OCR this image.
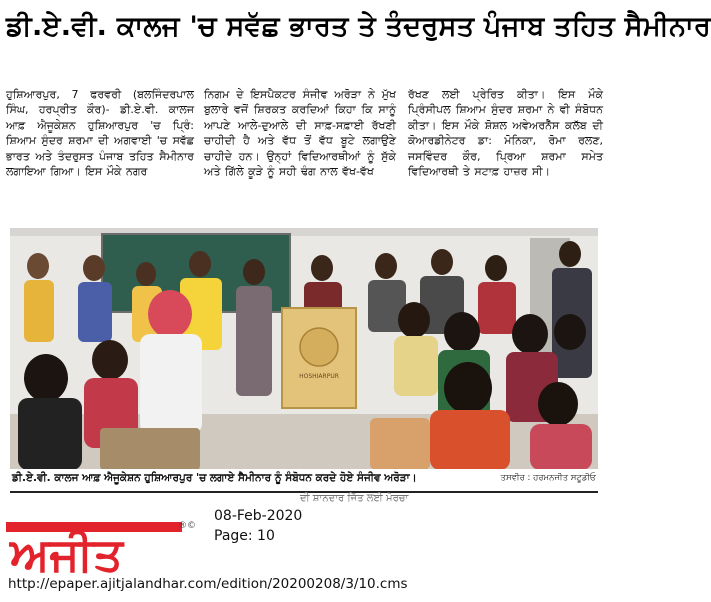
ਡੀ.ਏ.ਵੀ. ਕਾਲਜ 'ਚ ਸਵੱਛ ਭਾਰਤ ਤੇ ਤੰਦਰੁਸਤ ਪੰਜਾਬ ਤਹਿਤ ਸੈਮੀਨਾਰ
ਹੁਸ਼ਿਆਰਪੁਰ, 7 ਫਰਵਰੀ (ਬਲਜਿੰਦਰਪਾਲ ਸਿੰਘ, ਹਰਪ੍ਰੀਤ ਕੌਰ)- ਡੀ.ਏ.ਵੀ. ਕਾਲਜ ਆਫ਼ ਐਜੂਕੇਸ਼ਨ ਹੁਸ਼ਿਆਰਪੁਰ 'ਚ ਪ੍ਰਿੰ: ਸ਼ਿਆਮ ਸੁੰਦਰ ਸ਼ਰਮਾ ਦੀ ਅਗਵਾਈ 'ਚ ਸਵੱਛ ਭਾਰਤ ਅਤੇ ਤੰਦਰੁਸਤ ਪੰਜਾਬ ਤਹਿਤ ਸੈਮੀਨਾਰ ਲਗਾਇਆ ਗਿਆ। ਇਸ ਮੌਕੇ ਨਗਰ
ਨਿਗਮ ਦੇ ਇਸਪੈਕਟਰ ਸੰਜੀਵ ਅਰੋੜਾ ਨੇ ਮੁੱਖ ਬੁਲਾਰੇ ਵਜੋਂ ਸ਼ਿਰਕਤ ਕਰਦਿਆਂ ਕਿਹਾ ਕਿ ਸਾਨੂੰ ਆਪਣੇ ਆਲੇ-ਦੁਆਲੇ ਦੀ ਸਾਫ਼-ਸਫ਼ਾਈ ਰੱਖਣੀ ਚਾਹੀਦੀ ਹੈ ਅਤੇ ਵੱਧ ਤੋਂ ਵੱਧ ਬੂਟੇ ਲਗਾਉਣੇ ਚਾਹੀਦੇ ਹਨ। ਉਨ੍ਹਾਂ ਵਿਦਿਆਰਥੀਆਂ ਨੂੰ ਸੁੱਕੇ ਅਤੇ ਗਿੱਲੇ ਕੂੜੇ ਨੂੰ ਸਹੀ ਢੰਗ ਨਾਲ ਵੱਖ-ਵੱਖ
ਰੱਖਣ ਲਈ ਪ੍ਰੇਰਿਤ ਕੀਤਾ। ਇਸ ਮੌਕੇ ਪ੍ਰਿੰਸੀਪਲ ਸ਼ਿਆਮ ਸੁੰਦਰ ਸ਼ਰਮਾ ਨੇ ਵੀ ਸੰਬੋਧਨ ਕੀਤਾ। ਇਸ ਮੌਕੇ ਸ਼ੋਸ਼ਲ ਅਵੇਅਰਨੈੱਸ ਕਲੱਬ ਦੀ ਕੋਆਰਡੀਨੇਟਰ ਡਾ: ਮੋਨਿਕਾ, ਰੋਮਾ ਰਲਣ, ਜਸਵਿੰਦਰ ਕੌਰ, ਪ੍ਰਿਆ ਸ਼ਰਮਾ ਸਮੇਤ ਵਿਦਿਆਰਥੀ ਤੇ ਸਟਾਫ਼ ਹਾਜ਼ਰ ਸੀ।
HOSHIARPUR
ਡੀ.ਏ.ਵੀ. ਕਾਲਜ ਆਫ਼ ਐਜੂਕੇਸ਼ਨ ਹੁਸ਼ਿਆਰਪੁਰ 'ਚ ਲਗਾਏ ਸੈਮੀਨਾਰ ਨੂੰ ਸੰਬੋਧਨ ਕਰਦੇ ਹੋਏ ਸੰਜੀਵ ਅਰੋੜਾ।	ਤਸਵੀਰ : ਹਰਮਨਜੀਤ ਸਟੂਡੀਓ
ਦੀ ਸ਼ਾਨਦਾਰ ਜਿੱਤ ਲਈ ਮੋਰਚਾ
ਅਜੀਤ
®©
08-Feb-2020
Page: 10
http://epaper.ajitjalandhar.com/edition/20200208/3/10.cms
